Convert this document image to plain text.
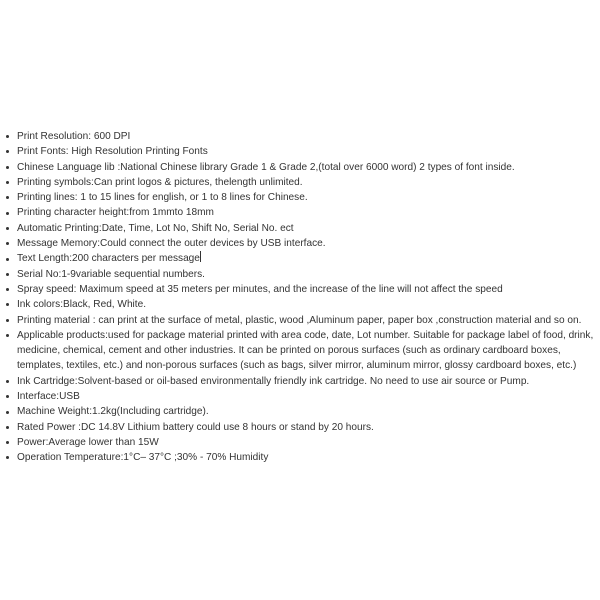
Print Resolution: 600 DPI
Print Fonts: High Resolution Printing Fonts
Chinese Language lib :National Chinese library Grade 1 & Grade 2,(total over 6000 word) 2 types of font inside.
Printing symbols:Can print logos & pictures, thelength unlimited.
Printing lines: 1 to 15 lines for english, or 1 to 8 lines for Chinese.
Printing character height:from 1mmto 18mm
Automatic Printing:Date, Time, Lot No, Shift No, Serial No. ect
Message Memory:Could connect the outer devices by USB interface.
Text Length:200 characters per message
Serial No:1-9variable sequential numbers.
Spray speed: Maximum speed at 35 meters per minutes, and the increase of the line will not affect the speed
Ink colors:Black, Red, White.
Printing material : can print at the surface of metal, plastic, wood ,Aluminum paper, paper box ,construction material and so on.
Applicable products:used for package material printed with area code, date, Lot number. Suitable for package label of food, drink, medicine, chemical, cement and other industries. It can be printed on porous surfaces (such as ordinary cardboard boxes, templates, textiles, etc.) and non-porous surfaces (such as bags, silver mirror, aluminum mirror, glossy cardboard boxes, etc.)
Ink Cartridge:Solvent-based or oil-based environmentally friendly ink cartridge. No need to use air source or Pump.
Interface:USB
Machine Weight:1.2kg(Including cartridge).
Rated Power :DC 14.8V Lithium battery could use 8 hours or stand by 20 hours.
Power:Average lower than 15W
Operation Temperature:1°C– 37°C ;30% - 70% Humidity
